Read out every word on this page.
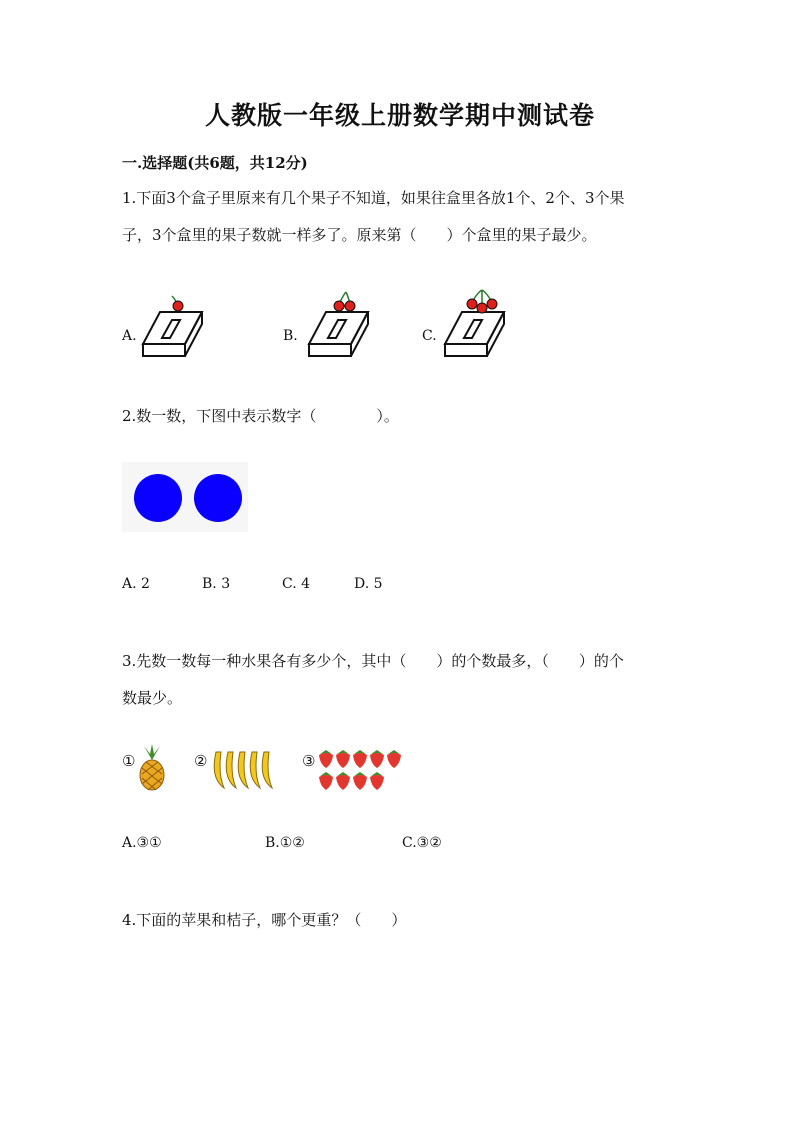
人教版一年级上册数学期中测试卷
一.选择题(共6题，共12分)
1.下面3个盒子里原来有几个果子不知道，如果往盒里各放1个、2个、3个果
子，3个盒里的果子数就一样多了。原来第（　　）个盒里的果子最少。
A.	B.	C.
2.数一数，下图中表示数字（　　　　）。
A. 2	B. 3	C. 4	D. 5
3.先数一数每一种水果各有多少个，其中（　　）的个数最多，（　　）的个
数最少。
①	②	③
A.③①	B.①②	C.③②
4.下面的苹果和桔子，哪个更重？（　　）
